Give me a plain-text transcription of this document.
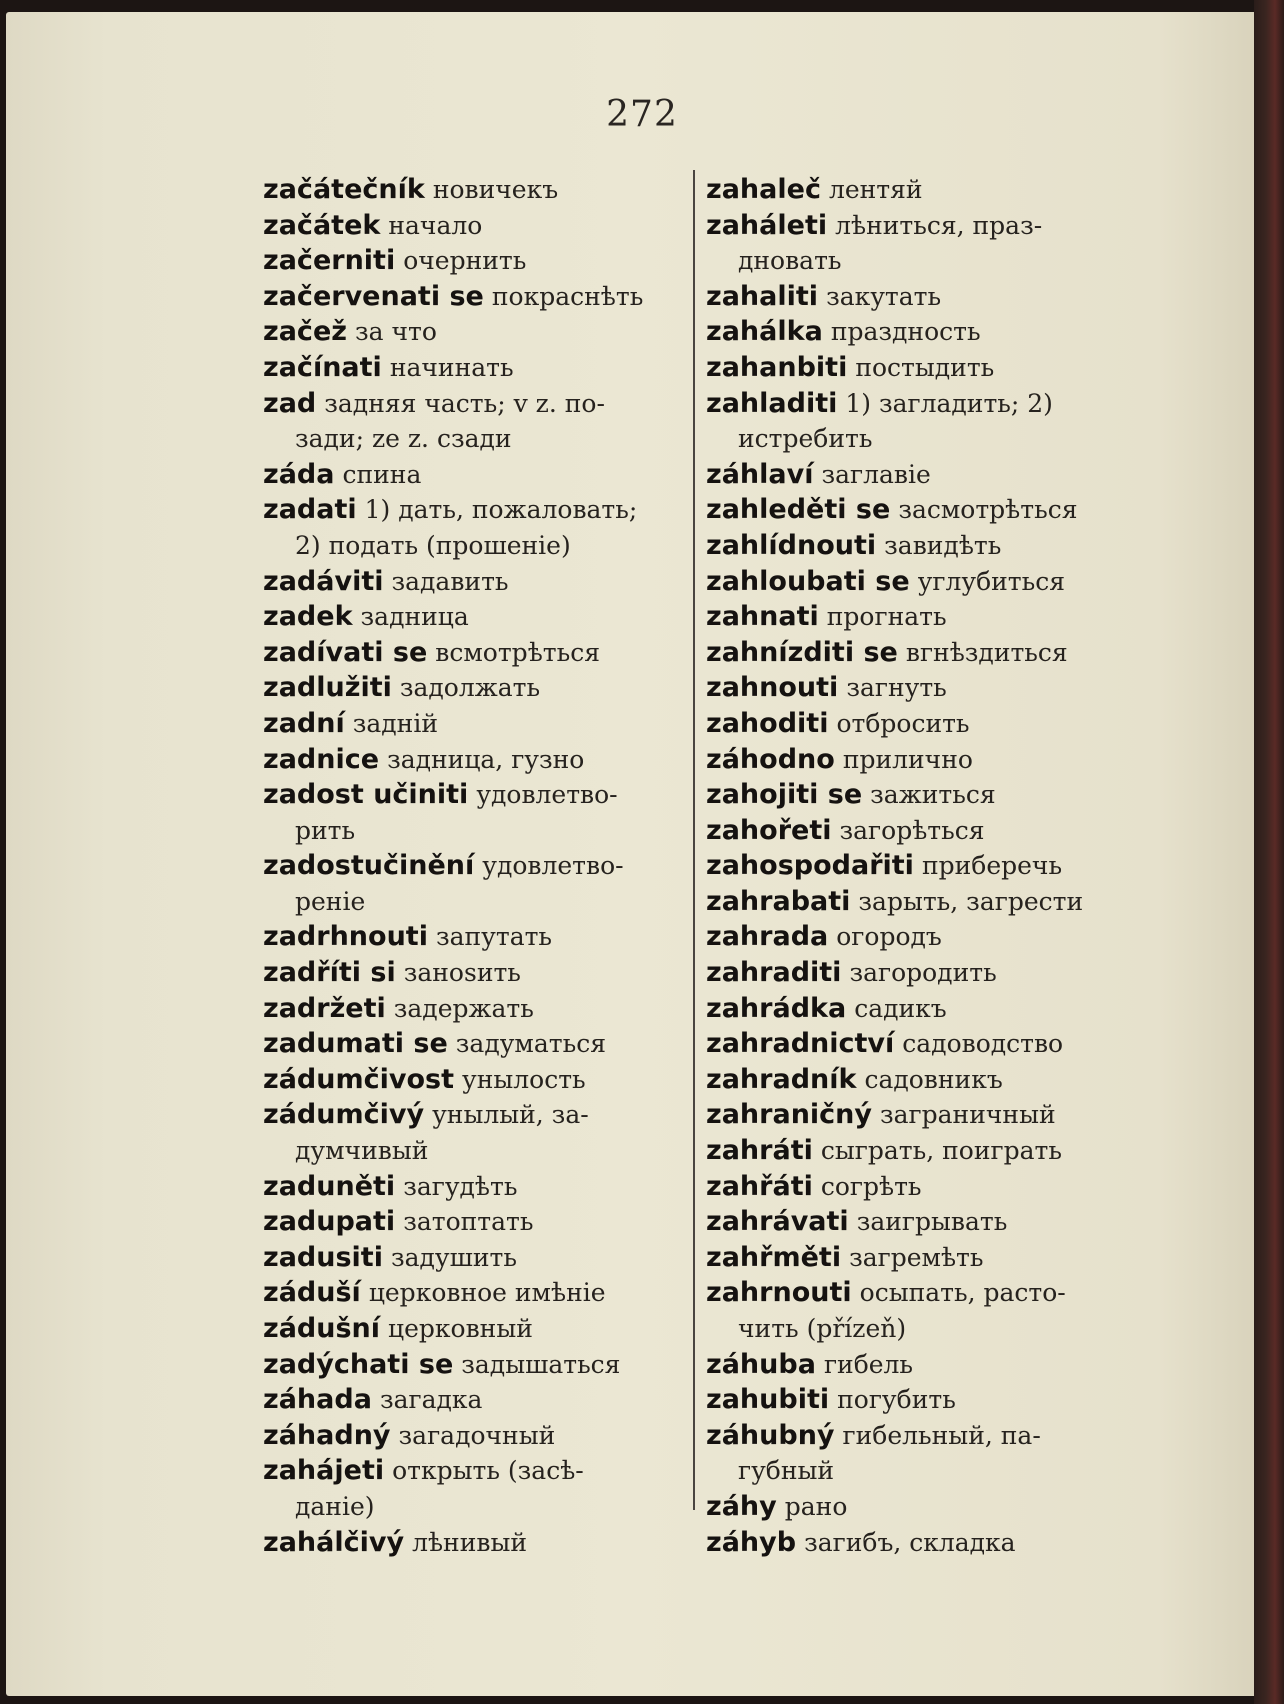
272
začátečník новичекъ
začátek начало
začerniti очернить
začervenati se покраснѣть
začež за что
začínati начинать
zad задняя часть; v z. по-
зади; ze z. сзади
záda спина
zadati 1) дать, пожаловать;
2) подать (прошеніе)
zadáviti задавить
zadek задница
zadívati se всмотрѣться
zadlužiti задолжать
zadní задній
zadnice задница, гузно
zadost učiniti удовлетво-
рить
zadostučinění удовлетво-
реніе
zadrhnouti запутать
zadříti si заноѕить
zadržeti задержать
zadumati se задуматься
zádumčivost унылость
zádumčivý унылый, за-
думчивый
zaduněti загудѣть
zadupati затоптать
zadusiti задушить
záduší церковное имѣніе
zádušní церковный
zadýchati se задышаться
záhada загадка
záhadný загадочный
zahájeti открыть (засѣ-
даніе)
zahálčivý лѣнивый
zahaleč лентяй
zaháleti лѣниться, праз-
дновать
zahaliti закутать
zahálka праздность
zahanbiti постыдить
zahladiti 1) загладить; 2)
истребить
záhlaví заглавіе
zahleděti se засмотрѣться
zahlídnouti завидѣть
zahloubati se углубиться
zahnati прогнать
zahnízditi se вгнѣздиться
zahnouti загнуть
zahoditi отбросить
záhodno прилично
zahojiti se зажиться
zahořeti загорѣться
zahospodařiti приберечь
zahrabati зарыть, загрести
zahrada огородъ
zahraditi загородить
zahrádka садикъ
zahradnictví садоводство
zahradník садовникъ
zahraničný заграничный
zahráti сыграть, поиграть
zahřáti согрѣть
zahrávati заигрывать
zahřměti загремѣть
zahrnouti осыпать, расто-
чить (přízeň)
záhuba гибель
zahubiti погубить
záhubný гибельный, па-
губный
záhy рано
záhyb загибъ, складка
